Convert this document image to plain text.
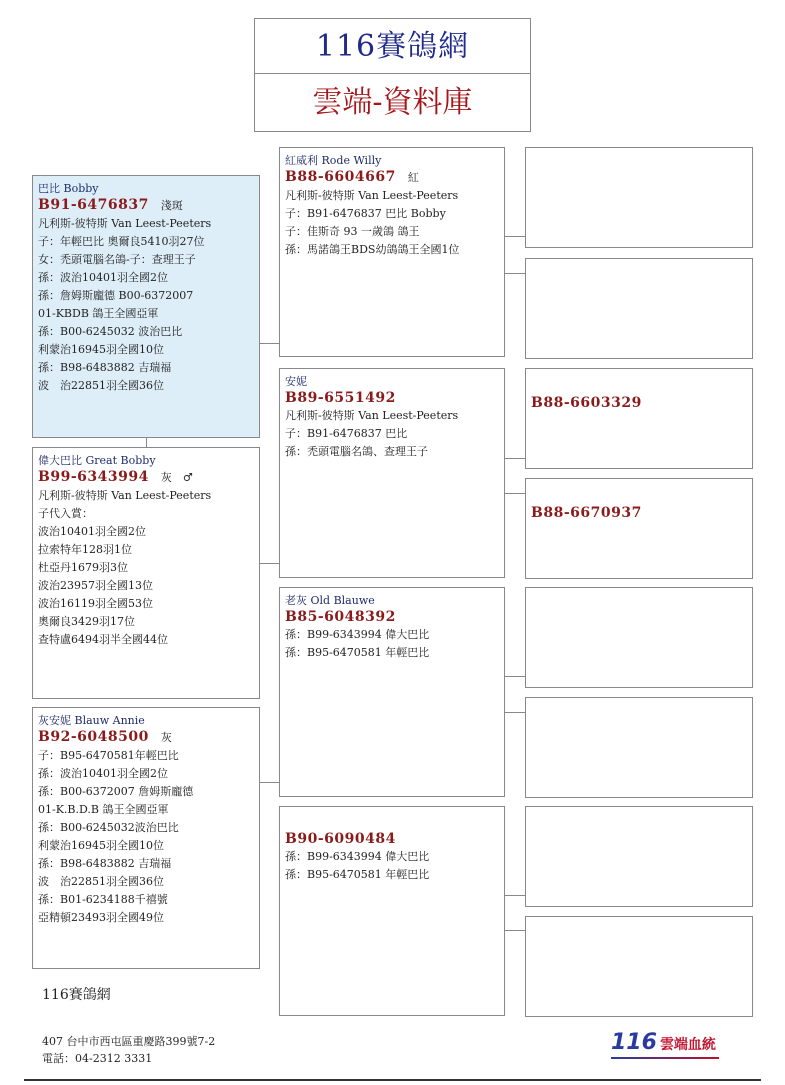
116賽鴿網
雲端-資料庫
巴比 Bobby
B91-6476837 淺斑
凡利斯-彼特斯 Van Leest-Peeters
子：年輕巴比 奧爾良5410羽27位
女：禿頭電腦名鴿-子：查理王子
孫：波治10401羽全國2位
孫：詹姆斯龐德 B00-6372007
01-KBDB 鴿王全國亞軍
孫：B00-6245032 波治巴比
利蒙治16945羽全國10位
孫：B98-6483882 吉瑞福
波　治22851羽全國36位
偉大巴比 Great Bobby
B99-6343994 灰　♂
凡利斯-彼特斯 Van Leest-Peeters
子代入賞：
波治10401羽全國2位
拉索特年128羽1位
杜亞丹1679羽3位
波治23957羽全國13位
波治16119羽全國53位
奧爾良3429羽17位
查特盧6494羽半全國44位
灰安妮 Blauw Annie
B92-6048500 灰
子：B95-6470581年輕巴比
孫：波治10401羽全國2位
孫：B00-6372007 詹姆斯龐德
01-K.B.D.B 鴿王全國亞軍
孫：B00-6245032波治巴比
利蒙治16945羽全國10位
孫：B98-6483882 吉瑞福
波　治22851羽全國36位
孫：B01-6234188千禧號
亞精頓23493羽全國49位
紅威利 Rode Willy
B88-6604667 紅
凡利斯-彼特斯 Van Leest-Peeters
子：B91-6476837 巴比 Bobby
子：佳斯奇 93 一歲鴿 鴿王
孫：馬諾鴿王BDS幼鴿鴿王全國1位
安妮
B89-6551492
凡利斯-彼特斯 Van Leest-Peeters
子：B91-6476837 巴比
孫：禿頭電腦名鴿、查理王子
老灰 Old Blauwe
B85-6048392
孫：B99-6343994 偉大巴比
孫：B95-6470581 年輕巴比
B90-6090484
孫：B99-6343994 偉大巴比
孫：B95-6470581 年輕巴比
B88-6603329
B88-6670937
116賽鴿網
407 台中市西屯區重慶路399號7-2
電話：04-2312 3331
116 雲端血統
